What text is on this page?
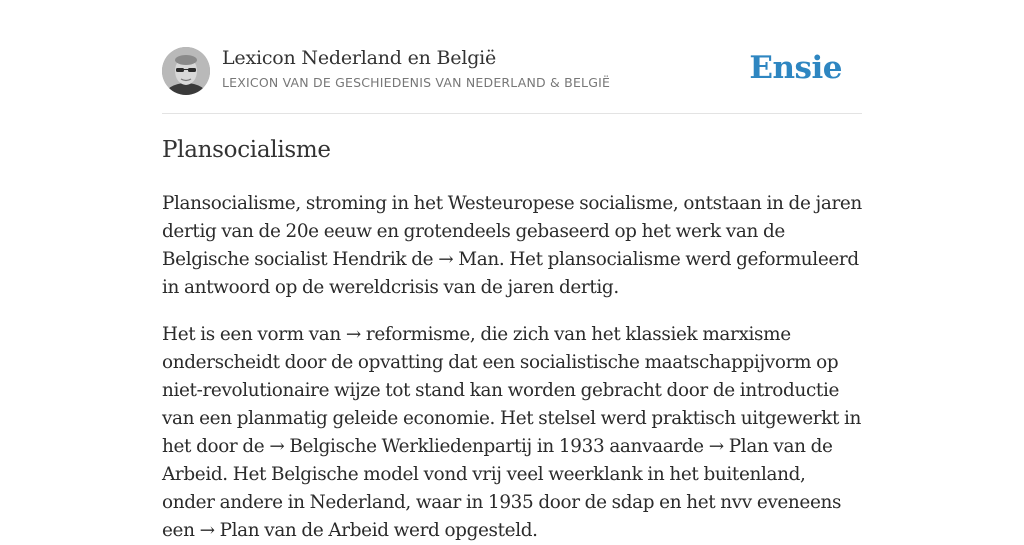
Lexicon Nederland en België

LEXICON VAN DE GESCHIEDENIS VAN NEDERLAND & BELGIË	Ensie

Plansocialisme

Plansocialisme, stroming in het Westeuropese socialisme, ontstaan in de jaren dertig van de 20e eeuw en grotendeels gebaseerd op het werk van de Belgische socialist Hendrik de → Man. Het plansocialisme werd geformuleerd in antwoord op de wereldcrisis van de jaren dertig.

Het is een vorm van → reformisme, die zich van het klassiek marxisme onderscheidt door de opvatting dat een socialistische maatschappijvorm op niet-revolutionaire wijze tot stand kan worden gebracht door de introductie van een planmatig geleide economie. Het stelsel werd praktisch uitgewerkt in het door de → Belgische Werkliedenpartij in 1933 aanvaarde → Plan van de Arbeid. Het Belgische model vond vrij veel weerklank in het buitenland, onder andere in Nederland, waar in 1935 door de sdap en het nvv eveneens een → Plan van de Arbeid werd opgesteld.
